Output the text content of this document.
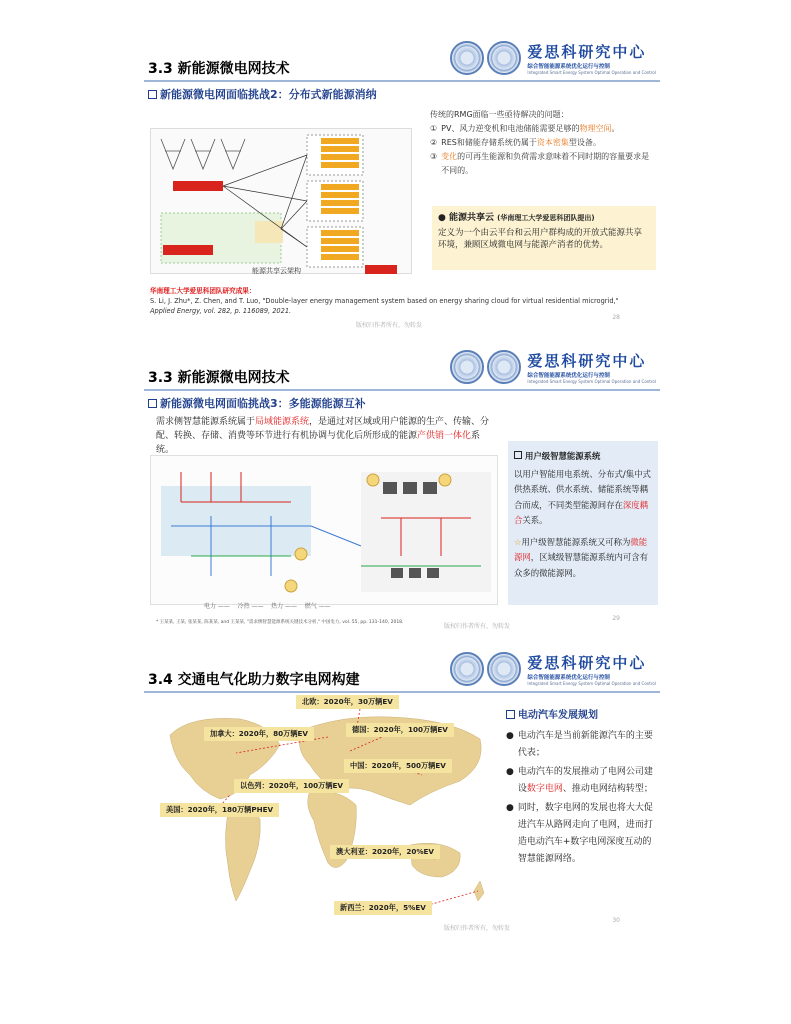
爱思科研究中心
综合智能能源系统优化运行与控制
Integrated Smart Energy System Optimal Operation and Control
3.3 新能源微电网技术
新能源微电网面临挑战2：分布式新能源消纳
能源共享云架构
传统的RMG面临一些亟待解决的问题：
① PV、风力逆变机和电池储能需要足够的物理空间。
② RES和储能存储系统仍属于资本密集型设备。
③ 变化的可再生能源和负荷需求意味着不同时期的容量要求是不同的。
● 能源共享云 (华南理工大学爱思科团队提出)
定义为一个由云平台和云用户群构成的开放式能源共享环境，兼顾区域微电网与能源产消者的优势。
华南理工大学爱思科团队研究成果：
S. Li, J. Zhu*, Z. Chen, and T. Luo, "Double-layer energy management system based on energy sharing cloud for virtual residential microgrid,"
Applied Energy, vol. 282, p. 116089, 2021.
版权归作者所有，勿转发
28
爱思科研究中心
综合智能能源系统优化运行与控制
Integrated Smart Energy System Optimal Operation and Control
3.3 新能源微电网技术
新能源微电网面临挑战3：多能源能源互补
需求侧智慧能源系统属于局域能源系统，是通过对区域或用户能源的生产、传输、分配、转换、存储、消费等环节进行有机协调与优化后所形成的能源产供销一体化系统。
电力 ——    冷热 ——    热力 ——    燃气 ——
用户级智慧能源系统
以用户智能用电系统、分布式/集中式供热系统、供水系统、储能系统等耦合而成，不同类型能源间存在深度耦合关系。
☆用户级智慧能源系统又可称为微能源网，区域级智慧能源系统内可含有众多的微能源网。
* 王某某, 王某, 张某某, 陈某某, and 王某某, "需求侧智慧能源系统关键技术分析," 中国电力, vol. 55, pp. 131-140, 2018.
版权归作者所有，勿转发
29
爱思科研究中心
综合智能能源系统优化运行与控制
Integrated Smart Energy System Optimal Operation and Control
3.4 交通电气化助力数字电网构建
北欧：2020年，30万辆EV
加拿大：2020年，80万辆EV	德国：2020年，100万辆EV
中国：2020年，500万辆EV
以色列：2020年，100万辆EV
美国：2020年，180万辆PHEV
澳大利亚：2020年，20%EV
新西兰：2020年，5%EV
电动汽车发展规划
● 电动汽车是当前新能源汽车的主要代表；
● 电动汽车的发展推动了电网公司建设数字电网、推动电网结构转型；
● 同时，数字电网的发展也将大大促进汽车从路网走向了电网，进而打造电动汽车+数字电网深度互动的智慧能源网络。
版权归作者所有，勿转发
30
